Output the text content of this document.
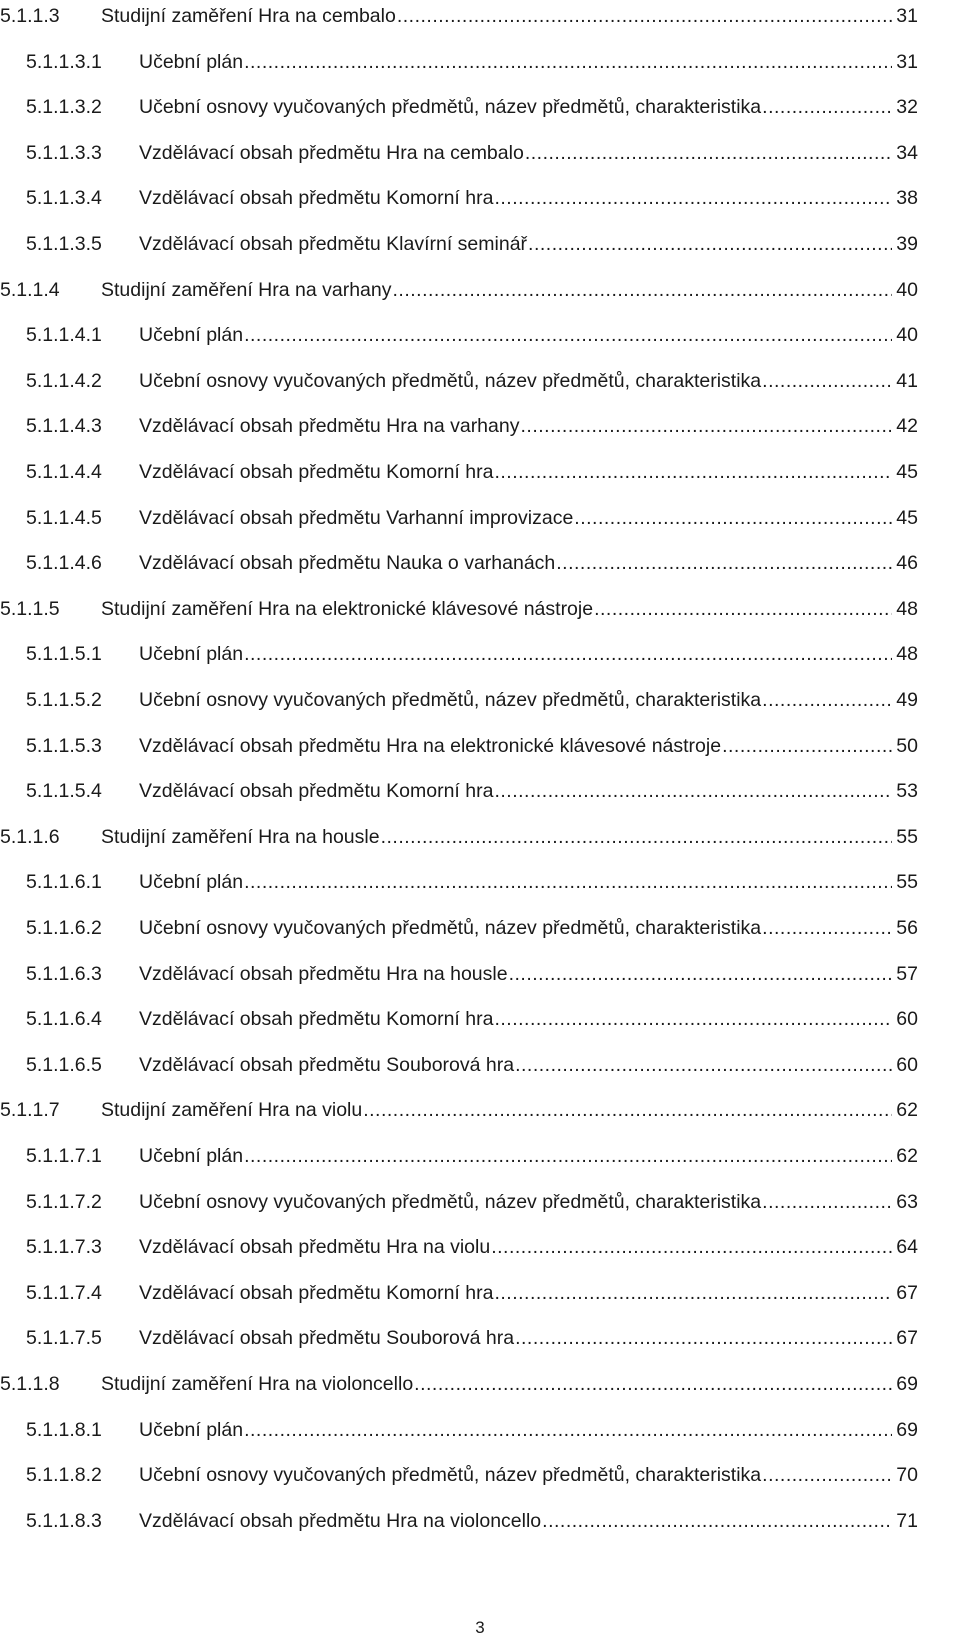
5.1.1.3	Studijní zaměření Hra na cembalo .....	31
5.1.1.3.1	Učební plán .....	31
5.1.1.3.2	Učební osnovy vyučovaných předmětů, název předmětů, charakteristika .....	32
5.1.1.3.3	Vzdělávací obsah předmětu Hra na cembalo .....	34
5.1.1.3.4	Vzdělávací obsah předmětu Komorní hra .....	38
5.1.1.3.5	Vzdělávací obsah předmětu Klavírní seminář .....	39
5.1.1.4	Studijní zaměření Hra na varhany .....	40
5.1.1.4.1	Učební plán .....	40
5.1.1.4.2	Učební osnovy vyučovaných předmětů, název předmětů, charakteristika .....	41
5.1.1.4.3	Vzdělávací obsah předmětu Hra na varhany .....	42
5.1.1.4.4	Vzdělávací obsah předmětu Komorní hra .....	45
5.1.1.4.5	Vzdělávací obsah předmětu Varhanní improvizace .....	45
5.1.1.4.6	Vzdělávací obsah předmětu Nauka o varhanách .....	46
5.1.1.5	Studijní zaměření Hra na elektronické klávesové nástroje .....	48
5.1.1.5.1	Učební plán .....	48
5.1.1.5.2	Učební osnovy vyučovaných předmětů, název předmětů, charakteristika .....	49
5.1.1.5.3	Vzdělávací obsah předmětu Hra na elektronické klávesové nástroje .....	50
5.1.1.5.4	Vzdělávací obsah předmětu Komorní hra .....	53
5.1.1.6	Studijní zaměření Hra na housle .....	55
5.1.1.6.1	Učební plán .....	55
5.1.1.6.2	Učební osnovy vyučovaných předmětů, název předmětů, charakteristika .....	56
5.1.1.6.3	Vzdělávací obsah předmětu Hra na housle .....	57
5.1.1.6.4	Vzdělávací obsah předmětu Komorní hra .....	60
5.1.1.6.5	Vzdělávací obsah předmětu Souborová hra .....	60
5.1.1.7	Studijní zaměření Hra na violu .....	62
5.1.1.7.1	Učební plán .....	62
5.1.1.7.2	Učební osnovy vyučovaných předmětů, název předmětů, charakteristika .....	63
5.1.1.7.3	Vzdělávací obsah předmětu Hra na violu .....	64
5.1.1.7.4	Vzdělávací obsah předmětu Komorní hra .....	67
5.1.1.7.5	Vzdělávací obsah předmětu Souborová hra .....	67
5.1.1.8	Studijní zaměření Hra na violoncello .....	69
5.1.1.8.1	Učební plán .....	69
5.1.1.8.2	Učební osnovy vyučovaných předmětů, název předmětů, charakteristika .....	70
5.1.1.8.3	Vzdělávací obsah předmětu Hra na violoncello .....	71
3
